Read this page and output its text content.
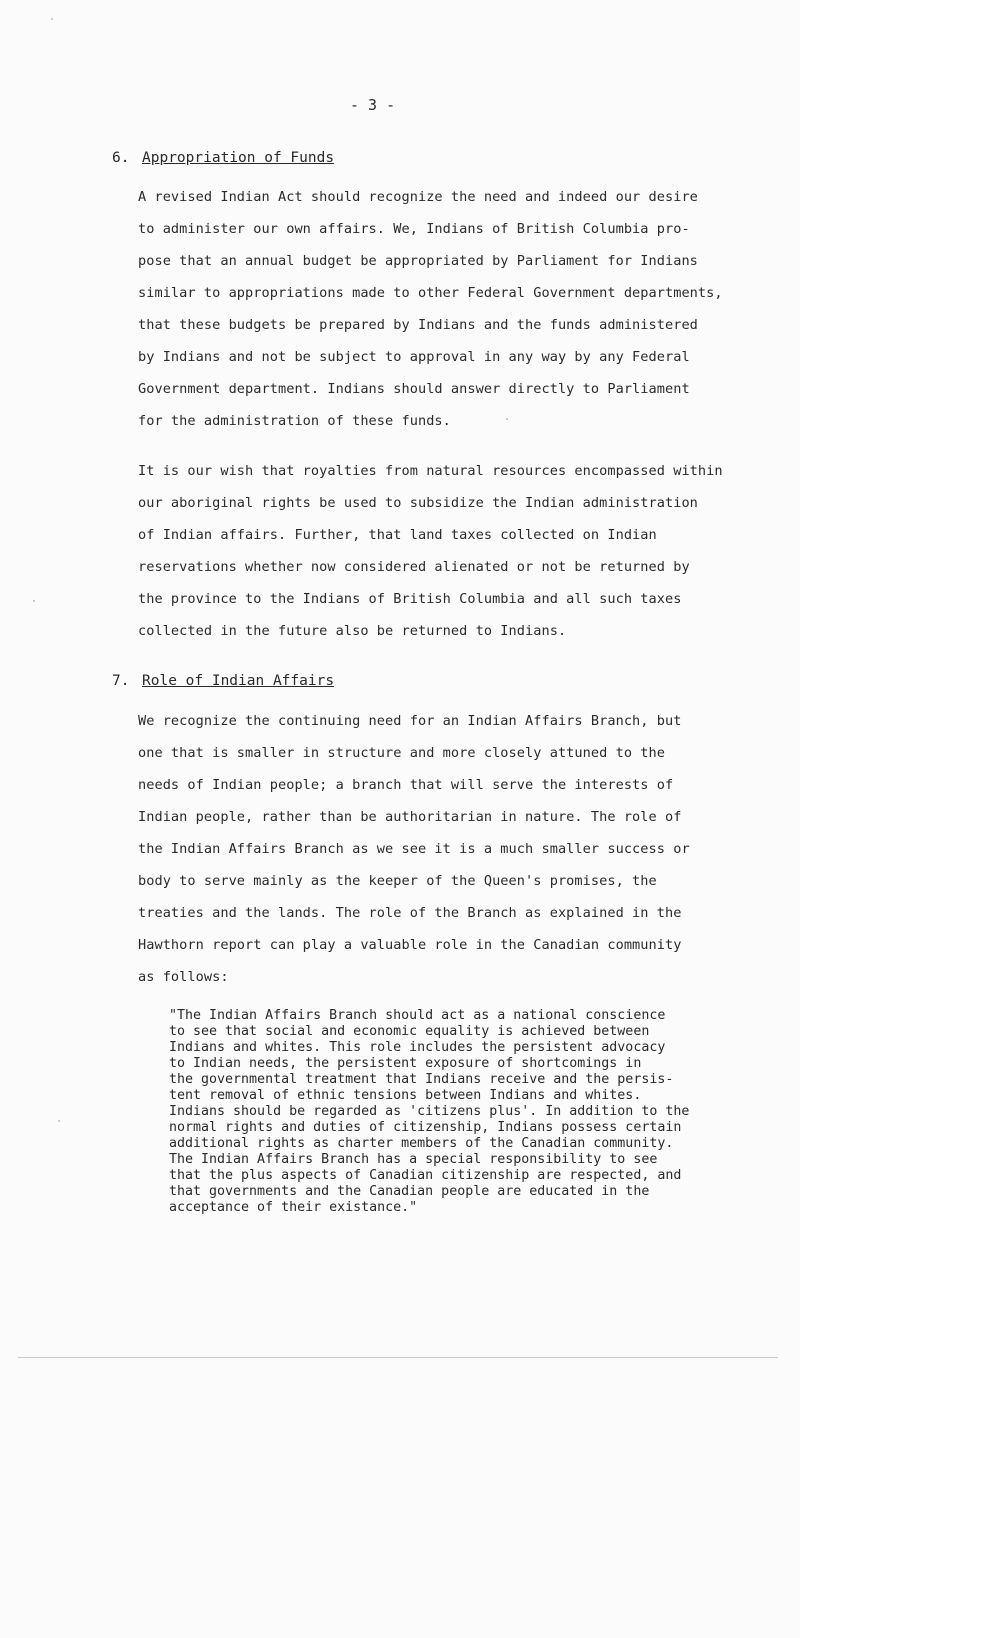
- 3 -
6. Appropriation of Funds
A revised Indian Act should recognize the need and indeed our desire
to administer our own affairs. We, Indians of British Columbia pro-
pose that an annual budget be appropriated by Parliament for Indians
similar to appropriations made to other Federal Government departments,
that these budgets be prepared by Indians and the funds administered
by Indians and not be subject to approval in any way by any Federal
Government department. Indians should answer directly to Parliament
for the administration of these funds.
It is our wish that royalties from natural resources encompassed within
our aboriginal rights be used to subsidize the Indian administration
of Indian affairs. Further, that land taxes collected on Indian
reservations whether now considered alienated or not be returned by
the province to the Indians of British Columbia and all such taxes
collected in the future also be returned to Indians.
7. Role of Indian Affairs
We recognize the continuing need for an Indian Affairs Branch, but
one that is smaller in structure and more closely attuned to the
needs of Indian people; a branch that will serve the interests of
Indian people, rather than be authoritarian in nature. The role of
the Indian Affairs Branch as we see it is a much smaller success or
body to serve mainly as the keeper of the Queen's promises, the
treaties and the lands. The role of the Branch as explained in the
Hawthorn report can play a valuable role in the Canadian community
as follows:
"The Indian Affairs Branch should act as a national conscience
to see that social and economic equality is achieved between
Indians and whites. This role includes the persistent advocacy
to Indian needs, the persistent exposure of shortcomings in
the governmental treatment that Indians receive and the persis-
tent removal of ethnic tensions between Indians and whites.
Indians should be regarded as 'citizens plus'. In addition to the
normal rights and duties of citizenship, Indians possess certain
additional rights as charter members of the Canadian community.
The Indian Affairs Branch has a special responsibility to see
that the plus aspects of Canadian citizenship are respected, and
that governments and the Canadian people are educated in the
acceptance of their existance."
